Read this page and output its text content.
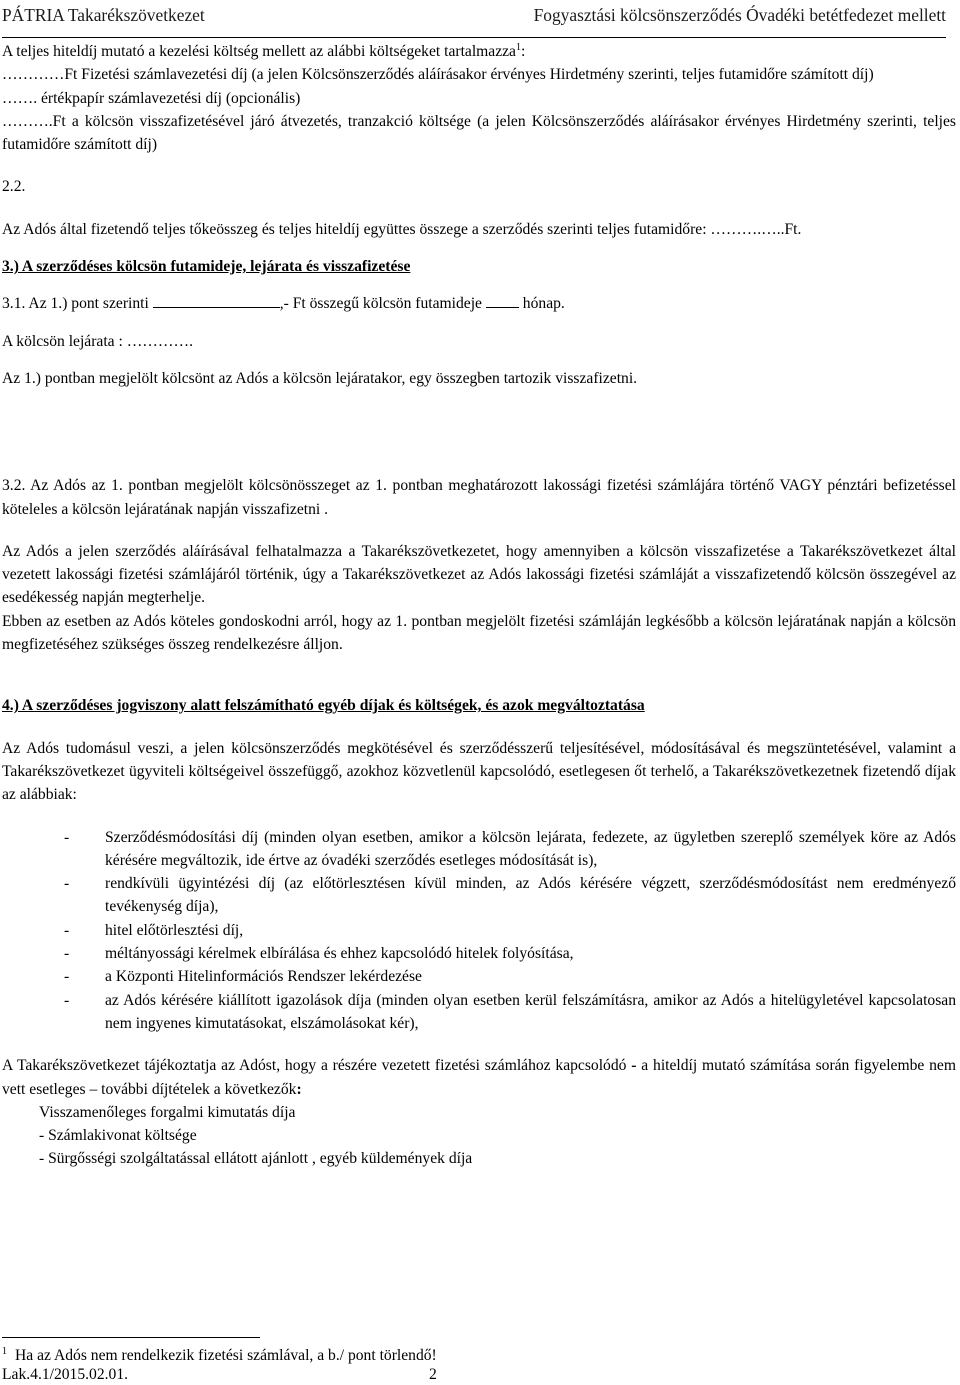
PÁTRIA Takarékszövetkezet	Fogyasztási kölcsönszerződés Óvadéki betétfedezet mellett

A teljes hiteldíj mutató a kezelési költség mellett az alábbi költségeket tartalmazza$^1$:

…………Ft Fizetési számlavezetési díj (a jelen Kölcsönszerződés aláírásakor érvényes Hirdetmény szerinti, teljes futamidőre számított díj)

……. értékpapír számlavezetési díj (opcionális)

……….Ft a kölcsön visszafizetésével járó átvezetés, tranzakció költsége (a jelen Kölcsönszerződés aláírásakor érvényes Hirdetmény szerinti, teljes futamidőre számított díj)

2.2.

Az Adós által fizetendő teljes tőkeösszeg és teljes hiteldíj együttes összege a szerződés szerinti teljes futamidőre: ……….…..Ft.

3.) A szerződéses kölcsön futamideje, lejárata és visszafizetése

3.1. Az 1.) pont szerinti	,- Ft összegű kölcsön futamideje	hónap.

A kölcsön lejárata : ………….

Az 1.) pontban megjelölt kölcsönt az Adós a kölcsön lejáratakor, egy összegben tartozik visszafizetni.

3.2. Az Adós az 1. pontban megjelölt kölcsönösszeget az 1. pontban meghatározott lakossági fizetési számlájára történő VAGY pénztári befizetéssel köteleles a kölcsön lejáratának napján visszafizetni .

Az Adós a jelen szerződés aláírásával felhatalmazza a Takarékszövetkezetet, hogy amennyiben a kölcsön visszafizetése a Takarékszövetkezet által vezetett lakossági fizetési számlájáról történik, úgy a Takarékszövetkezet az Adós lakossági fizetési számláját a visszafizetendő kölcsön összegével az esedékesség napján megterhelje.

Ebben az esetben az Adós köteles gondoskodni arról, hogy az 1. pontban megjelölt fizetési számláján legkésőbb a kölcsön lejáratának napján a kölcsön megfizetéséhez szükséges összeg rendelkezésre álljon.

4.) A szerződéses jogviszony alatt felszámítható egyéb díjak és költségek, és azok megváltoztatása

Az Adós tudomásul veszi, a jelen kölcsönszerződés megkötésével és szerződésszerű teljesítésével, módosításával és megszüntetésével, valamint a Takarékszövetkezet ügyviteli költségeivel összefüggő, azokhoz közvetlenül kapcsolódó, esetlegesen őt terhelő, a Takarékszövetkezetnek fizetendő díjak az alábbiak:

- Szerződésmódosítási díj (minden olyan esetben, amikor a kölcsön lejárata, fedezete, az ügyletben szereplő személyek köre az Adós kérésére megváltozik, ide értve az óvadéki szerződés esetleges módosítását is),
- rendkívüli ügyintézési díj (az előtörlesztésen kívül minden, az Adós kérésére végzett, szerződésmódosítást nem eredményező tevékenység díja),
- hitel előtörlesztési díj,
- méltányossági kérelmek elbírálása és ehhez kapcsolódó hitelek folyósítása,
- a Központi Hitelinformációs Rendszer lekérdezése
- az Adós kérésére kiállított igazolások díja (minden olyan esetben kerül felszámításra, amikor az Adós a hitelügyletével kapcsolatosan nem ingyenes kimutatásokat, elszámolásokat kér),

A Takarékszövetkezet tájékoztatja az Adóst, hogy a részére vezetett fizetési számlához kapcsolódó - a hiteldíj mutató számítása során figyelembe nem vett esetleges – további díjtételek a következők:

Visszamenőleges forgalmi kimutatás díja

- Számlakivonat költsége

- Sürgősségi szolgáltatással ellátott ajánlott , egyéb küldemények díja

$^1$ Ha az Adós nem rendelkezik fizetési számlával, a b./ pont törlendő!
Lak.4.1/2015.02.01.	2
